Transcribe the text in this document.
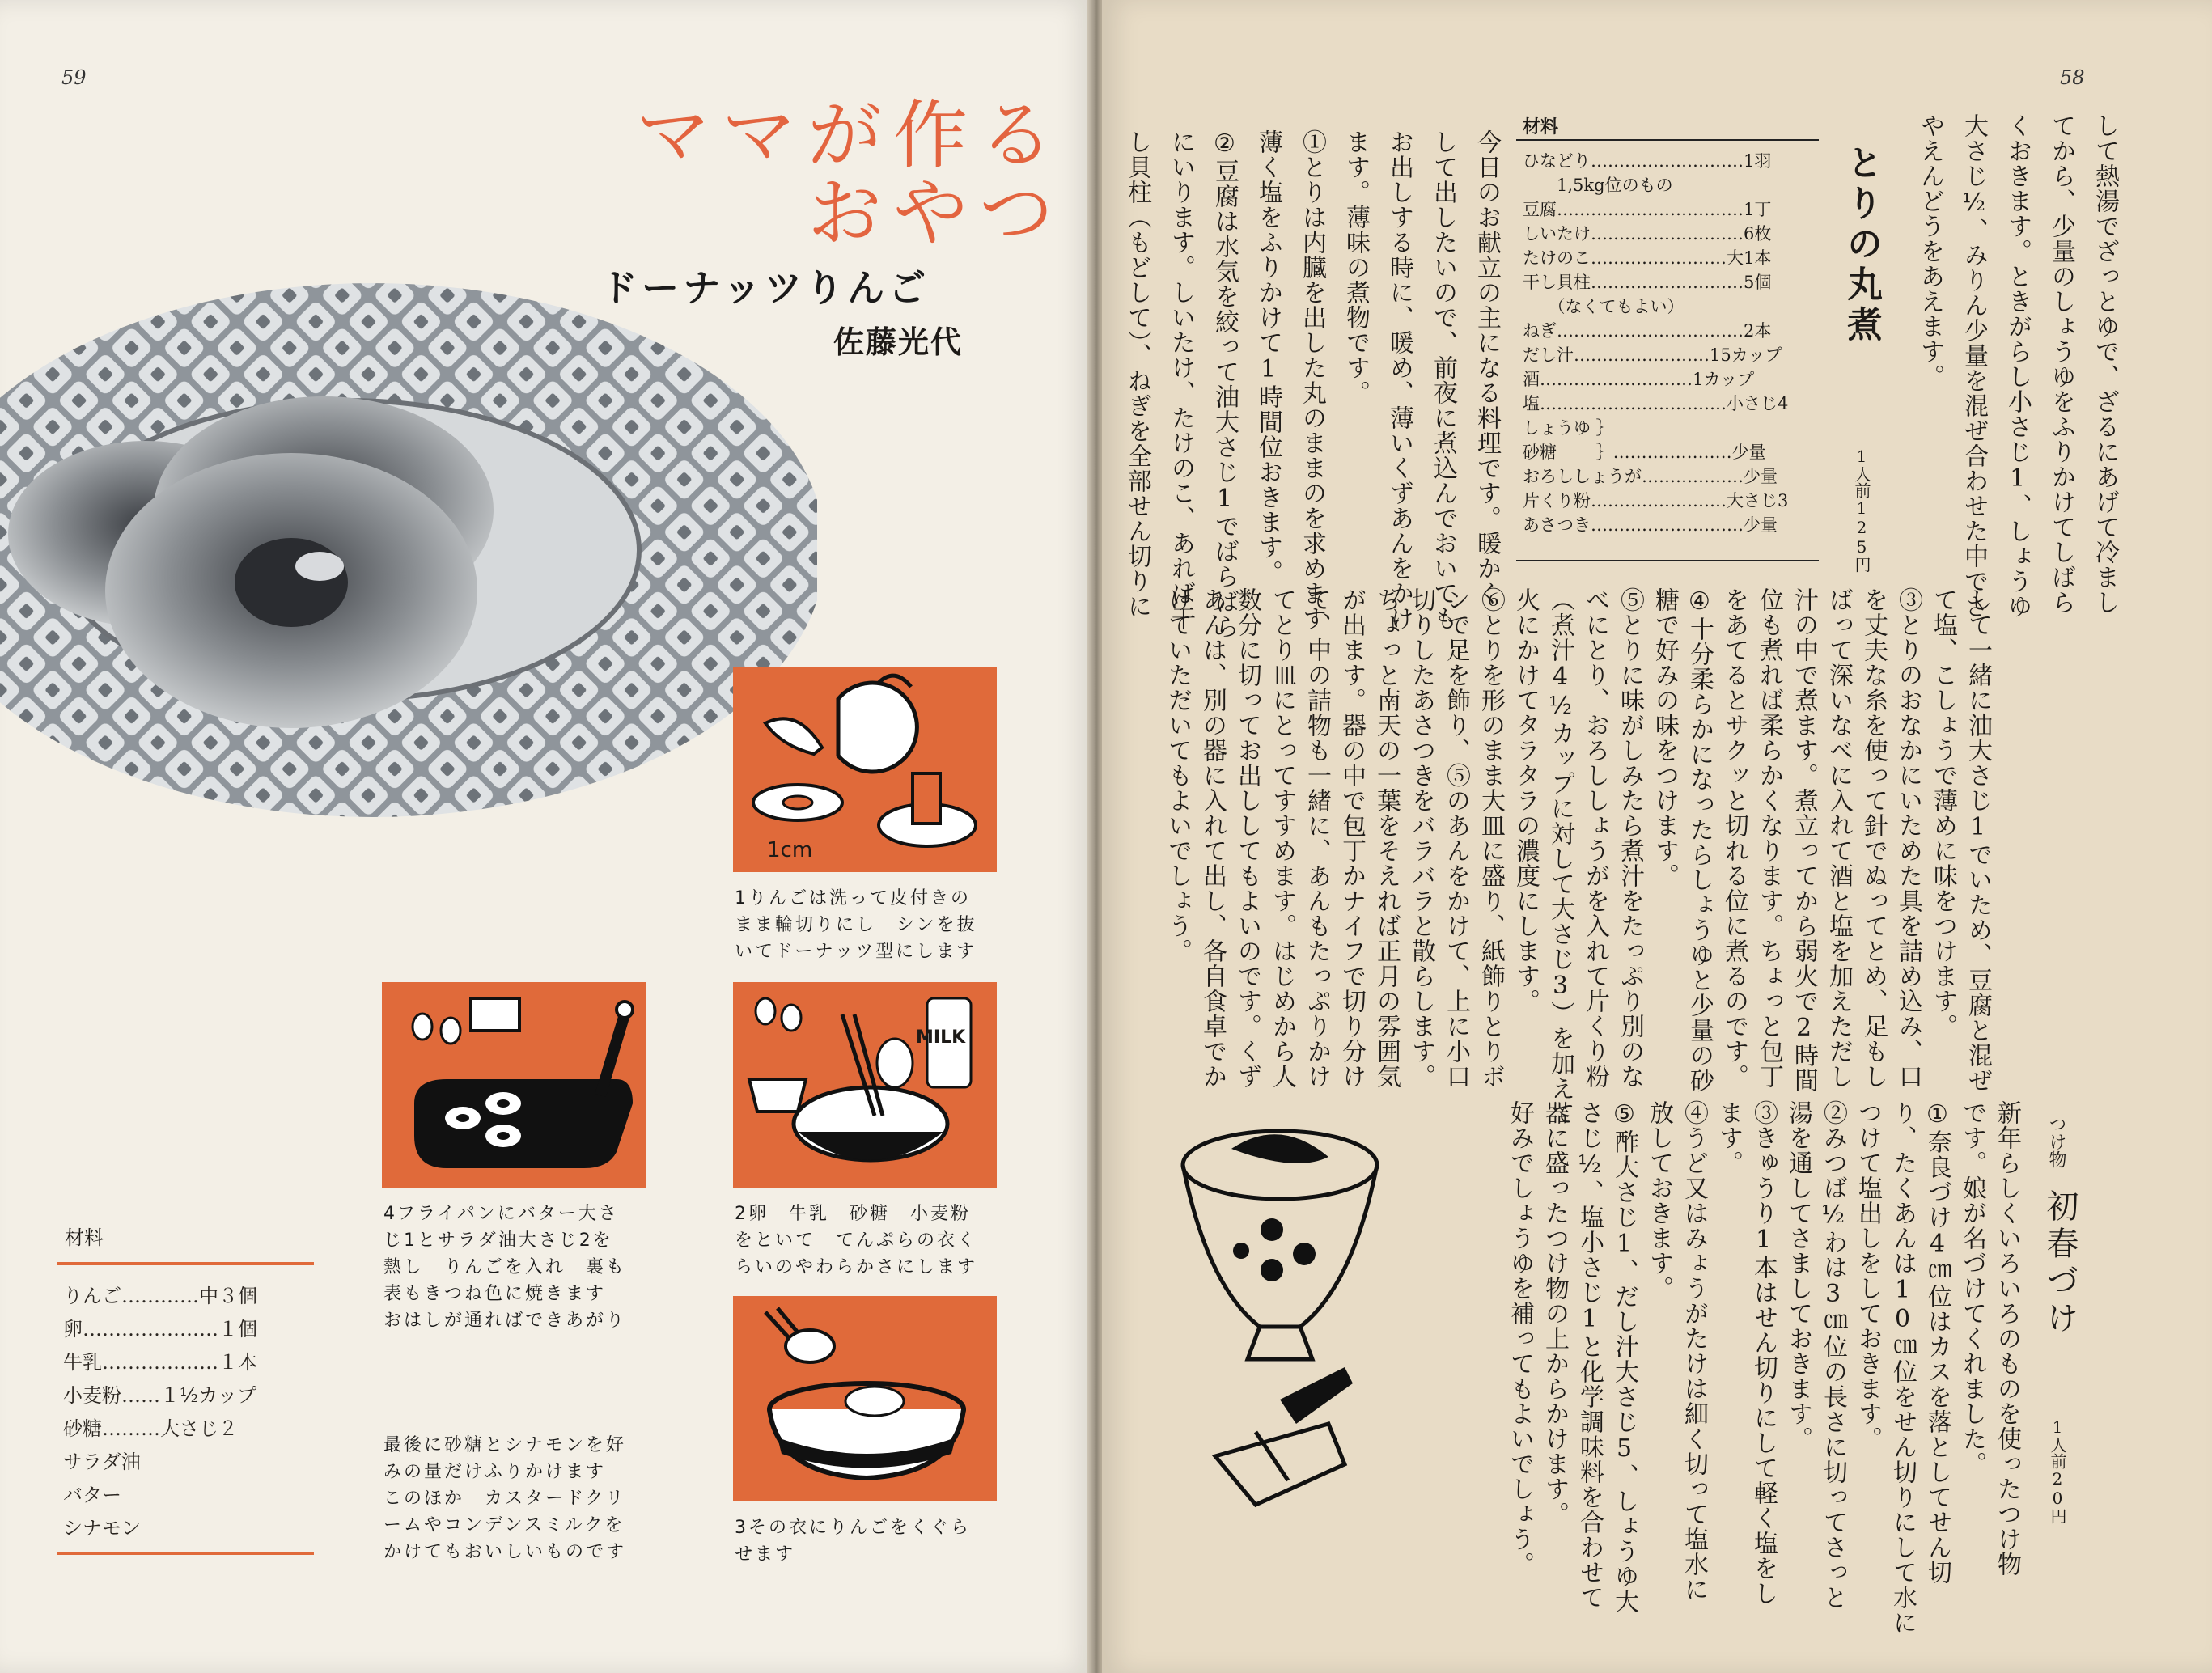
59
ママが作る
おやつ
ドーナッツりんご
佐藤光代
1cm
MILK
1りんごは洗って皮付きの
まま輪切りにし　シンを抜
いてドーナッツ型にします
2卵　牛乳　砂糖　小麦粉
をといて　てんぷらの衣く
らいのやわらかさにします
3その衣にりんごをくぐら
せます
4フライパンにバター大さ
じ1とサラダ油大さじ2を
熱し　りんごを入れ　裏も
表もきつね色に焼きます
おはしが通ればできあがり
最後に砂糖とシナモンを好
みの量だけふりかけます
このほか　カスタードクリ
ームやコンデンスミルクを
かけてもおいしいものです
材料
りんご…………中３個
卵…………………１個
牛乳………………１本
小麦粉……１½カップ
砂糖………大さじ２
サラダ油
バター
シナモン
58
して熱湯でざっとゆで、ざるにあげて冷まし
てから、少量のしょうゆをふりかけてしばら
くおきます。ときがらし小さじ1、しょうゆ
大さじ½、みりん少量を混ぜ合わせた中でさ
やえんどうをあえます。
とりの丸煮
1人前125円
材料
ひなどり………………………1羽
　　1,5kg位のもの
豆腐……………………………1丁
しいたけ………………………6枚
たけのこ……………………大1本
干し貝柱………………………5個
　　（なくてもよい）
ねぎ……………………………2本
だし汁……………………15カップ
酒………………………1カップ
塩……………………………小さじ4
しょうゆ ｝
砂糖　　 ｝…………………少量
おろししょうが………………少量
片くり粉……………………大さじ3
あさつき………………………少量
今日のお献立の主になる料理です。暖かく
して出したいので、前夜に煮込んでおいても
お出しする時に、暖め、薄いくずあんをかけ
ます。薄味の煮物です。
①とりは内臓を出した丸のままのを求めます
薄く塩をふりかけて1時間位おきます。
②豆腐は水気を絞って油大さじ1でばらばら
にいります。しいたけ、たけのこ、あれば干
し貝柱（もどして）、ねぎを全部せん切りに
して一緒に油大さじ1でいため、豆腐と混ぜ
て塩、こしょうで薄めに味をつけます。
③とりのおなかにいためた具を詰め込み、口
を丈夫な糸を使って針でぬってとめ、足もし
ばって深いなべに入れて酒と塩を加えただし
汁の中で煮ます。煮立ってから弱火で2時間
位も煮れば柔らかくなります。ちょっと包丁
をあてるとサクッと切れる位に煮るのです。
④十分柔らかになったらしょうゆと少量の砂
糖で好みの味をつけます。
⑤とりに味がしみたら煮汁をたっぷり別のな
べにとり、おろししょうがを入れて片くり粉
（煮汁4½カップに対して大さじ3）を加えて
火にかけてタラタラの濃度にします。
⑥とりを形のまま大皿に盛り、紙飾りとりボ
ンで足を飾り、⑤のあんをかけて、上に小口
切りしたあさつきをバラバラと散らします。
ちょっと南天の一葉をそえれば正月の雰囲気
が出ます。器の中で包丁かナイフで切り分け
て、中の詰物も一緒に、あんもたっぷりかけ
てとり皿にとってすすめます。はじめから人
数分に切ってお出ししてもよいのです。くず
あんは、別の器に入れて出し、各自食卓でか
けていただいてもよいでしょう。
つけ物
初春づけ
1人前20円
新年らしくいろいろのものを使ったつけ物
です。娘が名づけてくれました。
①奈良づけ4㎝位はカスを落としてせん切
り、たくあんは10㎝位をせん切りにして水に
つけて塩出しをしておきます。
②みつば½わは3㎝位の長さに切ってさっと
湯を通してさましておきます。
③きゅうり1本はせん切りにして軽く塩をし
ます。
④うど又はみょうがたけは細く切って塩水に
放しておきます。
⑤酢大さじ1、だし汁大さじ5、しょうゆ大
さじ½、塩小さじ1と化学調味料を合わせて
器に盛ったつけ物の上からかけます。
好みでしょうゆを補ってもよいでしょう。
